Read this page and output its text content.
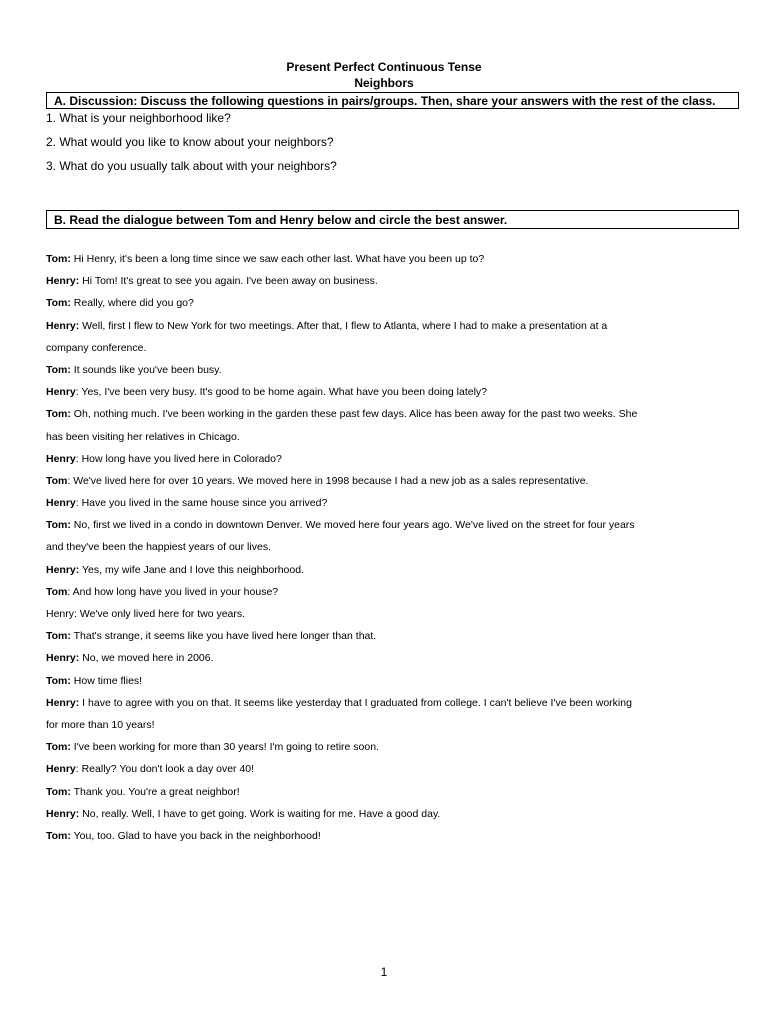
Present Perfect Continuous Tense
Neighbors
A. Discussion: Discuss the following questions in pairs/groups. Then, share your answers with the rest of the class.
1. What is your neighborhood like?
2. What would you like to know about your neighbors?
3. What do you usually talk about with your neighbors?
B. Read the dialogue between Tom and Henry below and circle the best answer.
Tom: Hi Henry, it's been a long time since we saw each other last. What have you been up to?
Henry: Hi Tom! It's great to see you again. I've been away on business.
Tom: Really, where did you go?
Henry: Well, first I flew to New York for two meetings. After that, I flew to Atlanta, where I had to make a presentation at a
company conference.
Tom: It sounds like you've been busy.
Henry: Yes, I've been very busy. It's good to be home again. What have you been doing lately?
Tom: Oh, nothing much. I've been working in the garden these past few days. Alice has been away for the past two weeks. She
has been visiting her relatives in Chicago.
Henry: How long have you lived here in Colorado?
Tom: We've lived here for over 10 years. We moved here in 1998 because I had a new job as a sales representative.
Henry: Have you lived in the same house since you arrived?
Tom: No, first we lived in a condo in downtown Denver. We moved here four years ago. We've lived on the street for four years
and they've been the happiest years of our lives.
Henry: Yes, my wife Jane and I love this neighborhood.
Tom: And how long have you lived in your house?
Henry: We've only lived here for two years.
Tom: That's strange, it seems like you have lived here longer than that.
Henry: No, we moved here in 2006.
Tom: How time flies!
Henry: I have to agree with you on that. It seems like yesterday that I graduated from college. I can't believe I've been working
for more than 10 years!
Tom: I've been working for more than 30 years! I'm going to retire soon.
Henry: Really? You don't look a day over 40!
Tom: Thank you. You're a great neighbor!
Henry: No, really. Well, I have to get going. Work is waiting for me. Have a good day.
Tom: You, too. Glad to have you back in the neighborhood!
1
